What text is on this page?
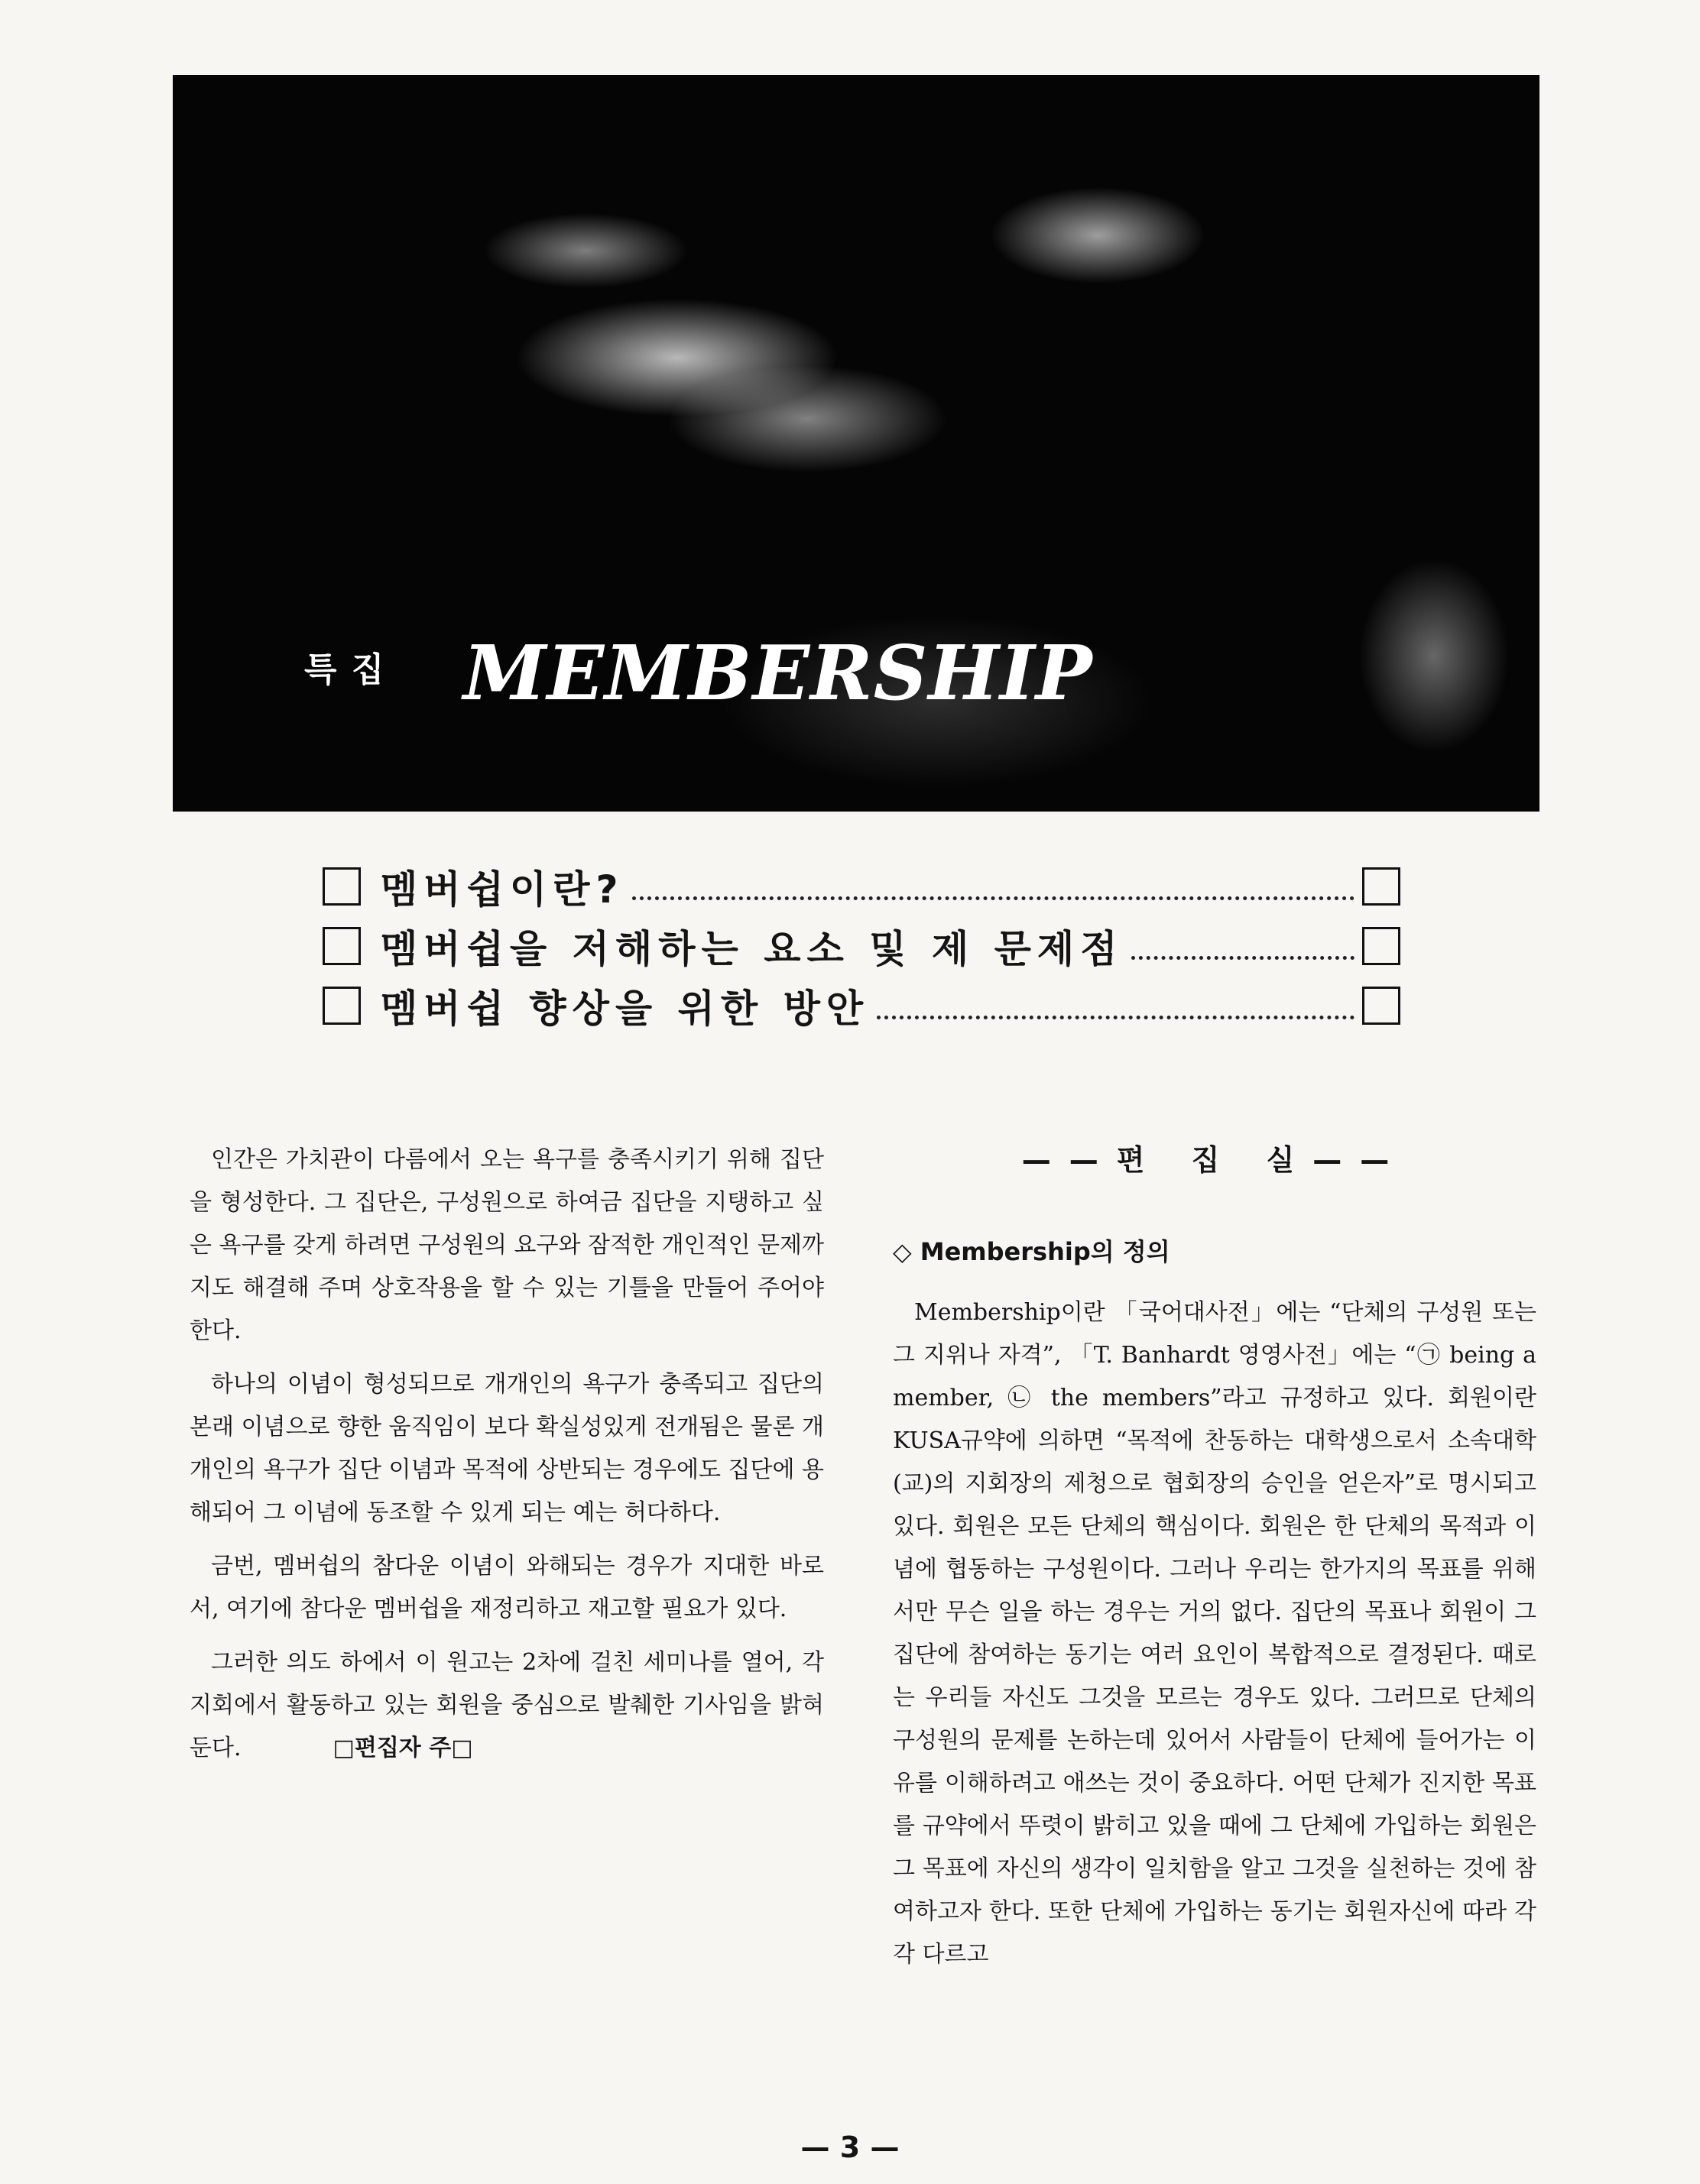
특 집 MEMBERSHIP
멤버쉽이란?
멤버쉽을 저해하는 요소 및 제 문제점
멤버쉽 향상을 위한 방안

인간은 가치관이 다름에서 오는 욕구를 충족시키기 위해 집단을 형성한다. 그 집단은, 구성원으로 하여금 집단을 지탱하고 싶은 욕구를 갖게 하려면 구성원의 요구와 잠적한 개인적인 문제까지도 해결해 주며 상호작용을 할 수 있는 기틀을 만들어 주어야 한다.

하나의 이념이 형성되므로 개개인의 욕구가 충족되고 집단의 본래 이념으로 향한 움직임이 보다 확실성있게 전개됨은 물론 개개인의 욕구가 집단 이념과 목적에 상반되는 경우에도 집단에 용해되어 그 이념에 동조할 수 있게 되는 예는 허다하다.

금번, 멤버쉽의 참다운 이념이 와해되는 경우가 지대한 바로서, 여기에 참다운 멤버쉽을 재정리하고 재고할 필요가 있다.

그러한 의도 하에서 이 원고는 2차에 걸친 세미나를 열어, 각지회에서 활동하고 있는 회원을 중심으로 발췌한 기사임을 밝혀둔다.	□편집자 주□

——편 집 실——
◇ Membership의 정의

Membership이란 「국어대사전」에는 “단체의 구성원 또는 그 지위나 자격”, 「T. Banhardt 영영사전」에는 “㉠ being a member, ㉡ the members”라고 규정하고 있다. 회원이란 KUSA규약에 의하면 “목적에 찬동하는 대학생으로서 소속대학(교)의 지회장의 제청으로 협회장의 승인을 얻은자”로 명시되고 있다. 회원은 모든 단체의 핵심이다. 회원은 한 단체의 목적과 이념에 협동하는 구성원이다. 그러나 우리는 한가지의 목표를 위해서만 무슨 일을 하는 경우는 거의 없다. 집단의 목표나 회원이 그 집단에 참여하는 동기는 여러 요인이 복합적으로 결정된다. 때로는 우리들 자신도 그것을 모르는 경우도 있다. 그러므로 단체의 구성원의 문제를 논하는데 있어서 사람들이 단체에 들어가는 이유를 이해하려고 애쓰는 것이 중요하다. 어떤 단체가 진지한 목표를 규약에서 뚜렷이 밝히고 있을 때에 그 단체에 가입하는 회원은 그 목표에 자신의 생각이 일치함을 알고 그것을 실천하는 것에 참여하고자 한다. 또한 단체에 가입하는 동기는 회원자신에 따라 각각 다르고

— 3 —
